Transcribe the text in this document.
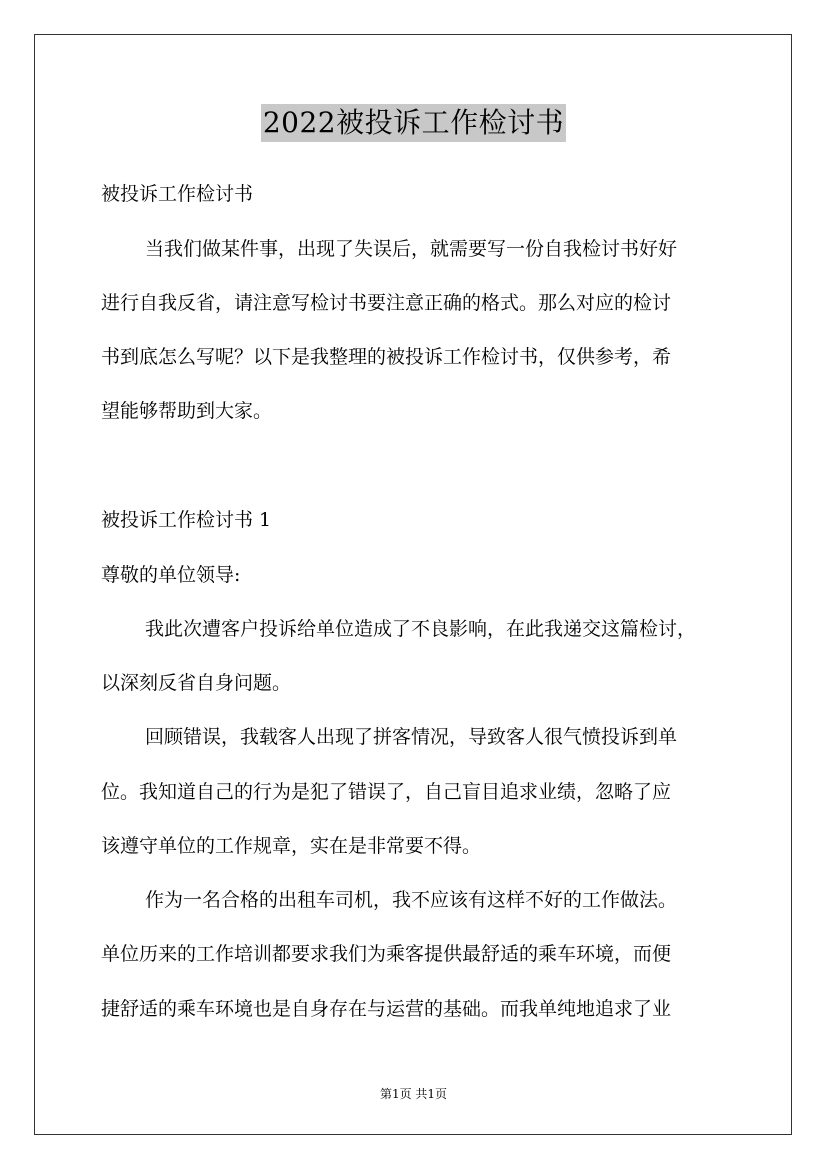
2022被投诉工作检讨书
被投诉工作检讨书
当我们做某件事，出现了失误后，就需要写一份自我检讨书好好
进行自我反省，请注意写检讨书要注意正确的格式。那么对应的检讨
书到底怎么写呢？以下是我整理的被投诉工作检讨书，仅供参考，希
望能够帮助到大家。
被投诉工作检讨书 1
尊敬的单位领导:
我此次遭客户投诉给单位造成了不良影响，在此我递交这篇检讨，
以深刻反省自身问题。
回顾错误，我载客人出现了拼客情况，导致客人很气愤投诉到单
位。我知道自己的行为是犯了错误了，自己盲目追求业绩，忽略了应
该遵守单位的工作规章，实在是非常要不得。
作为一名合格的出租车司机，我不应该有这样不好的工作做法。
单位历来的工作培训都要求我们为乘客提供最舒适的乘车环境，而便
捷舒适的乘车环境也是自身存在与运营的基础。而我单纯地追求了业
第1页 共1页
